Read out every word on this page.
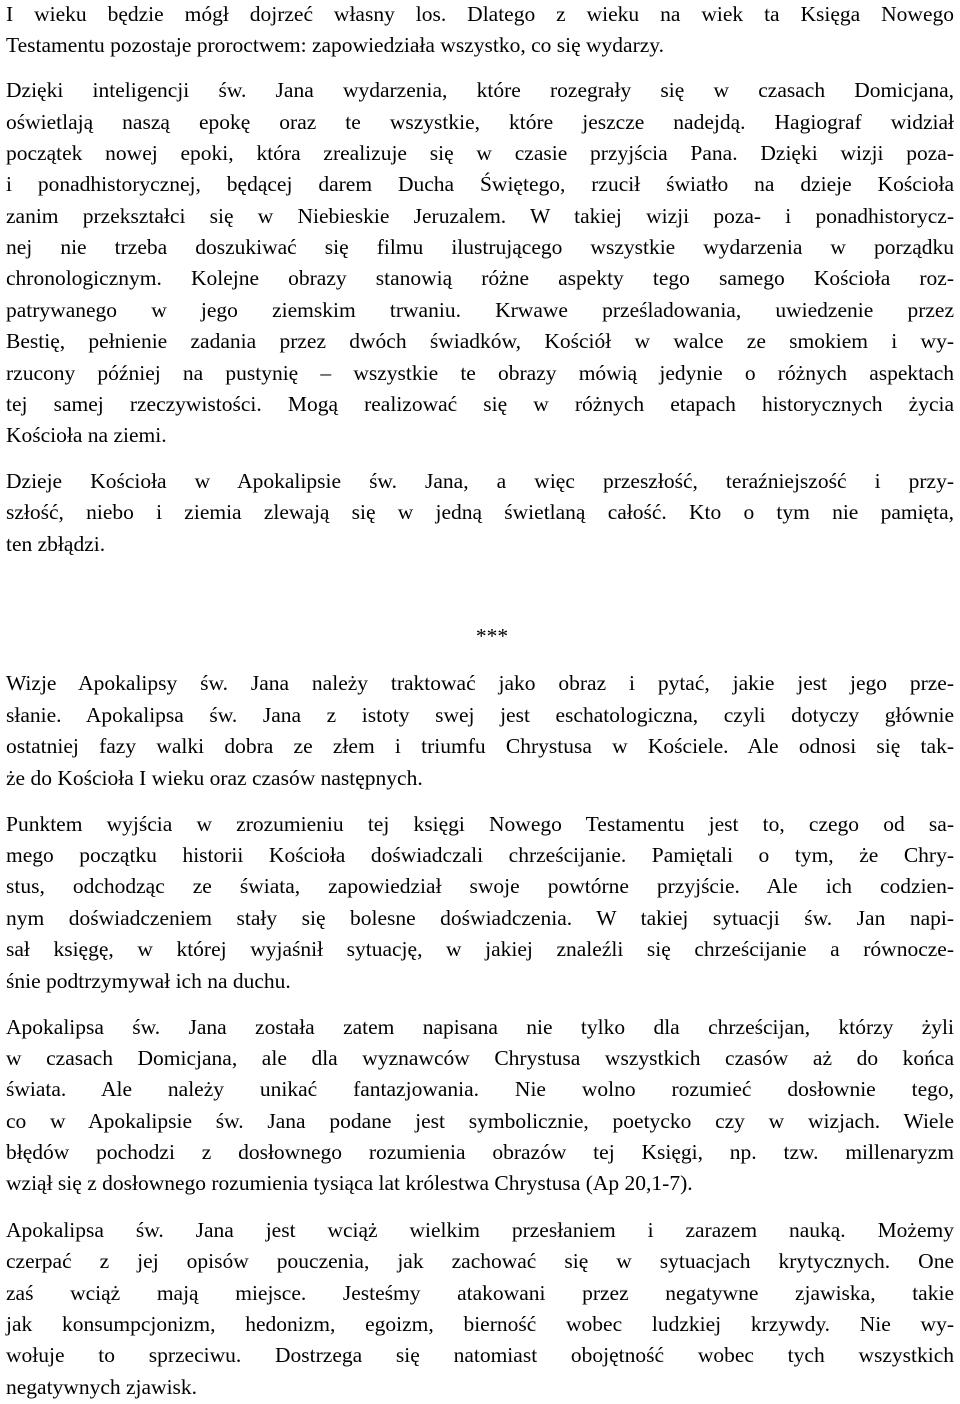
I wieku będzie mógł dojrzeć własny los. Dlatego z wieku na wiek ta Księga Nowego
Testamentu pozostaje proroctwem: zapowiedziała wszystko, co się wydarzy.
Dzięki inteligencji św. Jana wydarzenia, które rozegrały się w czasach Domicjana,
oświetlają naszą epokę oraz te wszystkie, które jeszcze nadejdą. Hagiograf widział
początek nowej epoki, która zrealizuje się w czasie przyjścia Pana. Dzięki wizji poza-
i ponadhistorycznej, będącej darem Ducha Świętego, rzucił światło na dzieje Kościoła
zanim przekształci się w Niebieskie Jeruzalem. W takiej wizji poza- i ponadhistorycz-
nej nie trzeba doszukiwać się filmu ilustrującego wszystkie wydarzenia w porządku
chronologicznym. Kolejne obrazy stanowią różne aspekty tego samego Kościoła roz-
patrywanego w jego ziemskim trwaniu. Krwawe prześladowania, uwiedzenie przez
Bestię, pełnienie zadania przez dwóch świadków, Kościół w walce ze smokiem i wy-
rzucony później na pustynię – wszystkie te obrazy mówią jedynie o różnych aspektach
tej samej rzeczywistości. Mogą realizować się w różnych etapach historycznych życia
Kościoła na ziemi.
Dzieje Kościoła w Apokalipsie św. Jana, a więc przeszłość, teraźniejszość i przy-
szłość, niebo i ziemia zlewają się w jedną świetlaną całość. Kto o tym nie pamięta,
ten zbłądzi.
***
Wizje Apokalipsy św. Jana należy traktować jako obraz i pytać, jakie jest jego prze-
słanie. Apokalipsa św. Jana z istoty swej jest eschatologiczna, czyli dotyczy głównie
ostatniej fazy walki dobra ze złem i triumfu Chrystusa w Kościele. Ale odnosi się tak-
że do Kościoła I wieku oraz czasów następnych.
Punktem wyjścia w zrozumieniu tej księgi Nowego Testamentu jest to, czego od sa-
mego początku historii Kościoła doświadczali chrześcijanie. Pamiętali o tym, że Chry-
stus, odchodząc ze świata, zapowiedział swoje powtórne przyjście. Ale ich codzien-
nym doświadczeniem stały się bolesne doświadczenia. W takiej sytuacji św. Jan napi-
sał księgę, w której wyjaśnił sytuację, w jakiej znaleźli się chrześcijanie a równocze-
śnie podtrzymywał ich na duchu.
Apokalipsa św. Jana została zatem napisana nie tylko dla chrześcijan, którzy żyli
w czasach Domicjana, ale dla wyznawców Chrystusa wszystkich czasów aż do końca
świata. Ale należy unikać fantazjowania. Nie wolno rozumieć dosłownie tego,
co w Apokalipsie św. Jana podane jest symbolicznie, poetycko czy w wizjach. Wiele
błędów pochodzi z dosłownego rozumienia obrazów tej Księgi, np. tzw. millenaryzm
wziął się z dosłownego rozumienia tysiąca lat królestwa Chrystusa (Ap 20,1-7).
Apokalipsa św. Jana jest wciąż wielkim przesłaniem i zarazem nauką. Możemy
czerpać z jej opisów pouczenia, jak zachować się w sytuacjach krytycznych. One
zaś wciąż mają miejsce. Jesteśmy atakowani przez negatywne zjawiska, takie
jak konsumpcjonizm, hedonizm, egoizm, bierność wobec ludzkiej krzywdy. Nie wy-
wołuje to sprzeciwu. Dostrzega się natomiast obojętność wobec tych wszystkich
negatywnych zjawisk.
